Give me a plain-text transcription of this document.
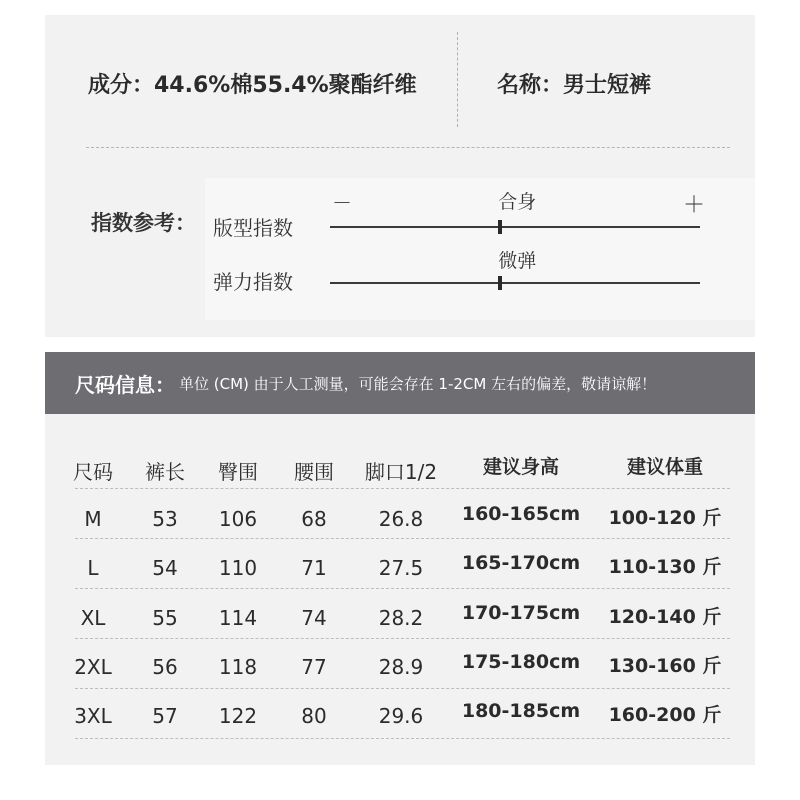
成分：44.6%棉55.4%聚酯纤维	名称：男士短裤
指数参考：
－	＋
版型指数
合身
弹力指数
微弹
尺码信息： 单位 (CM) 由于人工测量，可能会存在 1-2CM 左右的偏差，敬请谅解！
尺码	裤长	臀围	腰围	脚口1/2	建议身高	建议体重
M	53	106	68	26.8	160-165cm	100-120 斤
L	54	110	71	27.5	165-170cm	110-130 斤
XL	55	114	74	28.2	170-175cm	120-140 斤
2XL	56	118	77	28.9	175-180cm	130-160 斤
3XL	57	122	80	29.6	180-185cm	160-200 斤
